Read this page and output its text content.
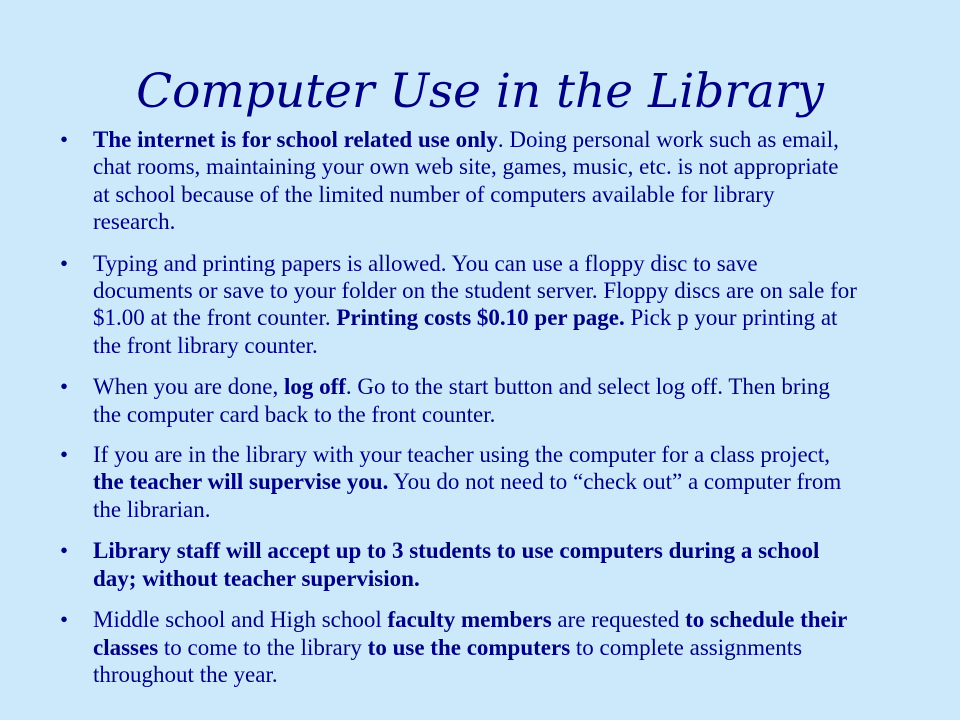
Computer Use in the Library
• The internet is for school related use only. Doing personal work such as email, chat rooms, maintaining your own web site, games, music, etc. is not appropriate at school because of the limited number of computers available for library research.
• Typing and printing papers is allowed. You can use a floppy disc to save documents or save to your folder on the student server. Floppy discs are on sale for $1.00 at the front counter. Printing costs $0.10 per page. Pick p your printing at the front library counter.
• When you are done, log off. Go to the start button and select log off. Then bring the computer card back to the front counter.
• If you are in the library with your teacher using the computer for a class project, the teacher will supervise you. You do not need to “check out” a computer from the librarian.
• Library staff will accept up to 3 students to use computers during a school day; without teacher supervision.
• Middle school and High school faculty members are requested to schedule their classes to come to the library to use the computers to complete assignments throughout the year.
